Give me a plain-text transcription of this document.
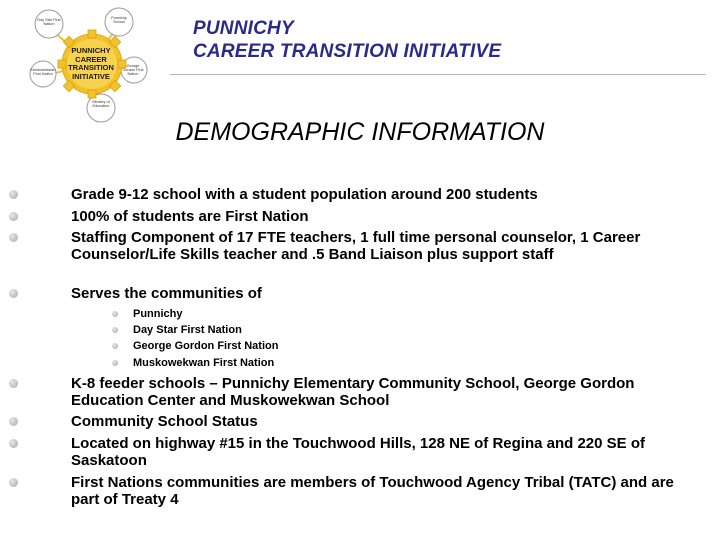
PUNNICHY
CAREER
TRANSITION
INITIATIVE
Day Star First Nation
Punnichy School
George Gordon First Nation
Muskowekwan First Nation
Ministry of Education
PUNNICHY
CAREER TRANSITION INITIATIVE
DEMOGRAPHIC INFORMATION
Grade 9-12 school with a student population around 200 students
100% of students are First Nation
Staffing Component of 17 FTE teachers, 1 full time personal counselor, 1 Career Counselor/Life Skills teacher and .5 Band Liaison plus support staff
Serves the communities of
Punnichy
Day Star First Nation
George Gordon First Nation
Muskowekwan First Nation
K-8 feeder schools – Punnichy Elementary Community School, George Gordon Education Center and Muskowekwan School
Community School Status
Located on highway #15 in the Touchwood Hills, 128 NE of Regina and 220 SE of Saskatoon
First Nations communities are members of Touchwood Agency Tribal (TATC) and are part of Treaty 4
